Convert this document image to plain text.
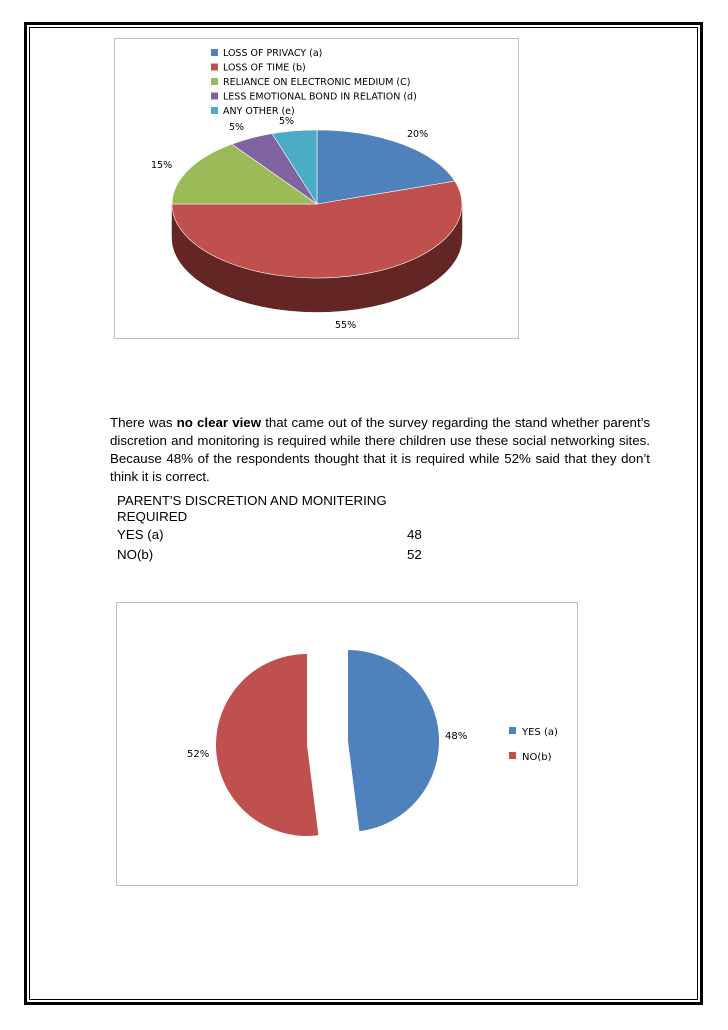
LOSS OF PRIVACY (a)
LOSS OF TIME (b)
RELIANCE ON ELECTRONIC MEDIUM (C)
LESS EMOTIONAL BOND IN RELATION (d)
ANY OTHER (e)
20%
55%
15%
5%
5%
There was no clear view that came out of the survey regarding the stand whether parent’s discretion and monitoring is required while there children use these social networking sites. Because 48% of the respondents thought that it is required while 52% said that they don’t think it is correct.
PARENT'S DISCRETION AND MONITERING REQUIRED
YES (a)	48
NO(b)	52
48%
52%
YES (a)
NO(b)
